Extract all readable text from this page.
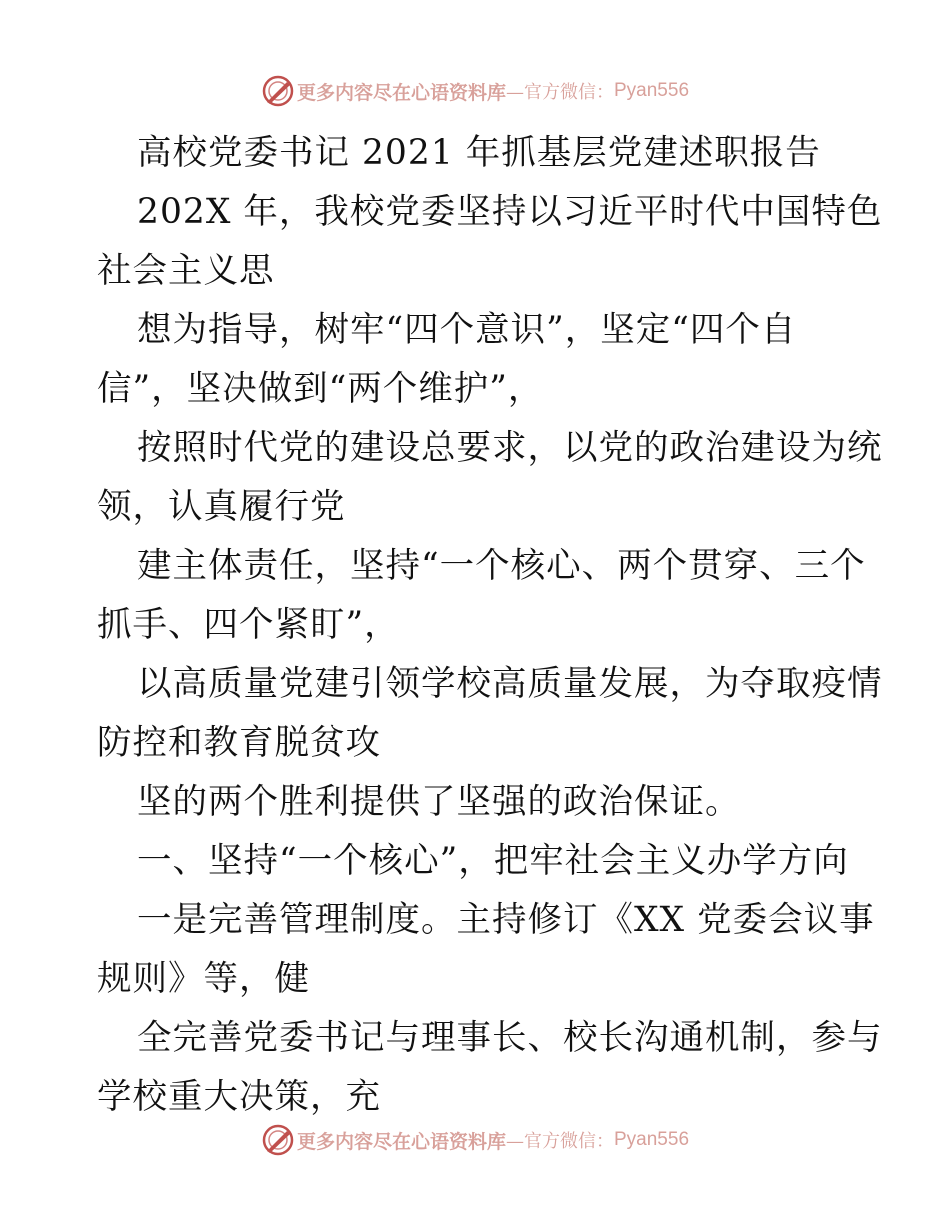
更多内容尽在心语资料库 —官方微信： Pyan556
高校党委书记 2021 年抓基层党建述职报告
202X 年，我校党委坚持以习近平时代中国特色
社会主义思
想为指导，树牢“四个意识”，坚定“四个自
信”，坚决做到“两个维护”，
按照时代党的建设总要求，以党的政治建设为统
领，认真履行党
建主体责任，坚持“一个核心、两个贯穿、三个
抓手、四个紧盯”，
以高质量党建引领学校高质量发展，为夺取疫情
防控和教育脱贫攻
坚的两个胜利提供了坚强的政治保证。
一、坚持“一个核心”，把牢社会主义办学方向
一是完善管理制度。主持修订《XX 党委会议事
规则》等，健
全完善党委书记与理事长、校长沟通机制，参与
学校重大决策，充
更多内容尽在心语资料库 —官方微信： Pyan556
